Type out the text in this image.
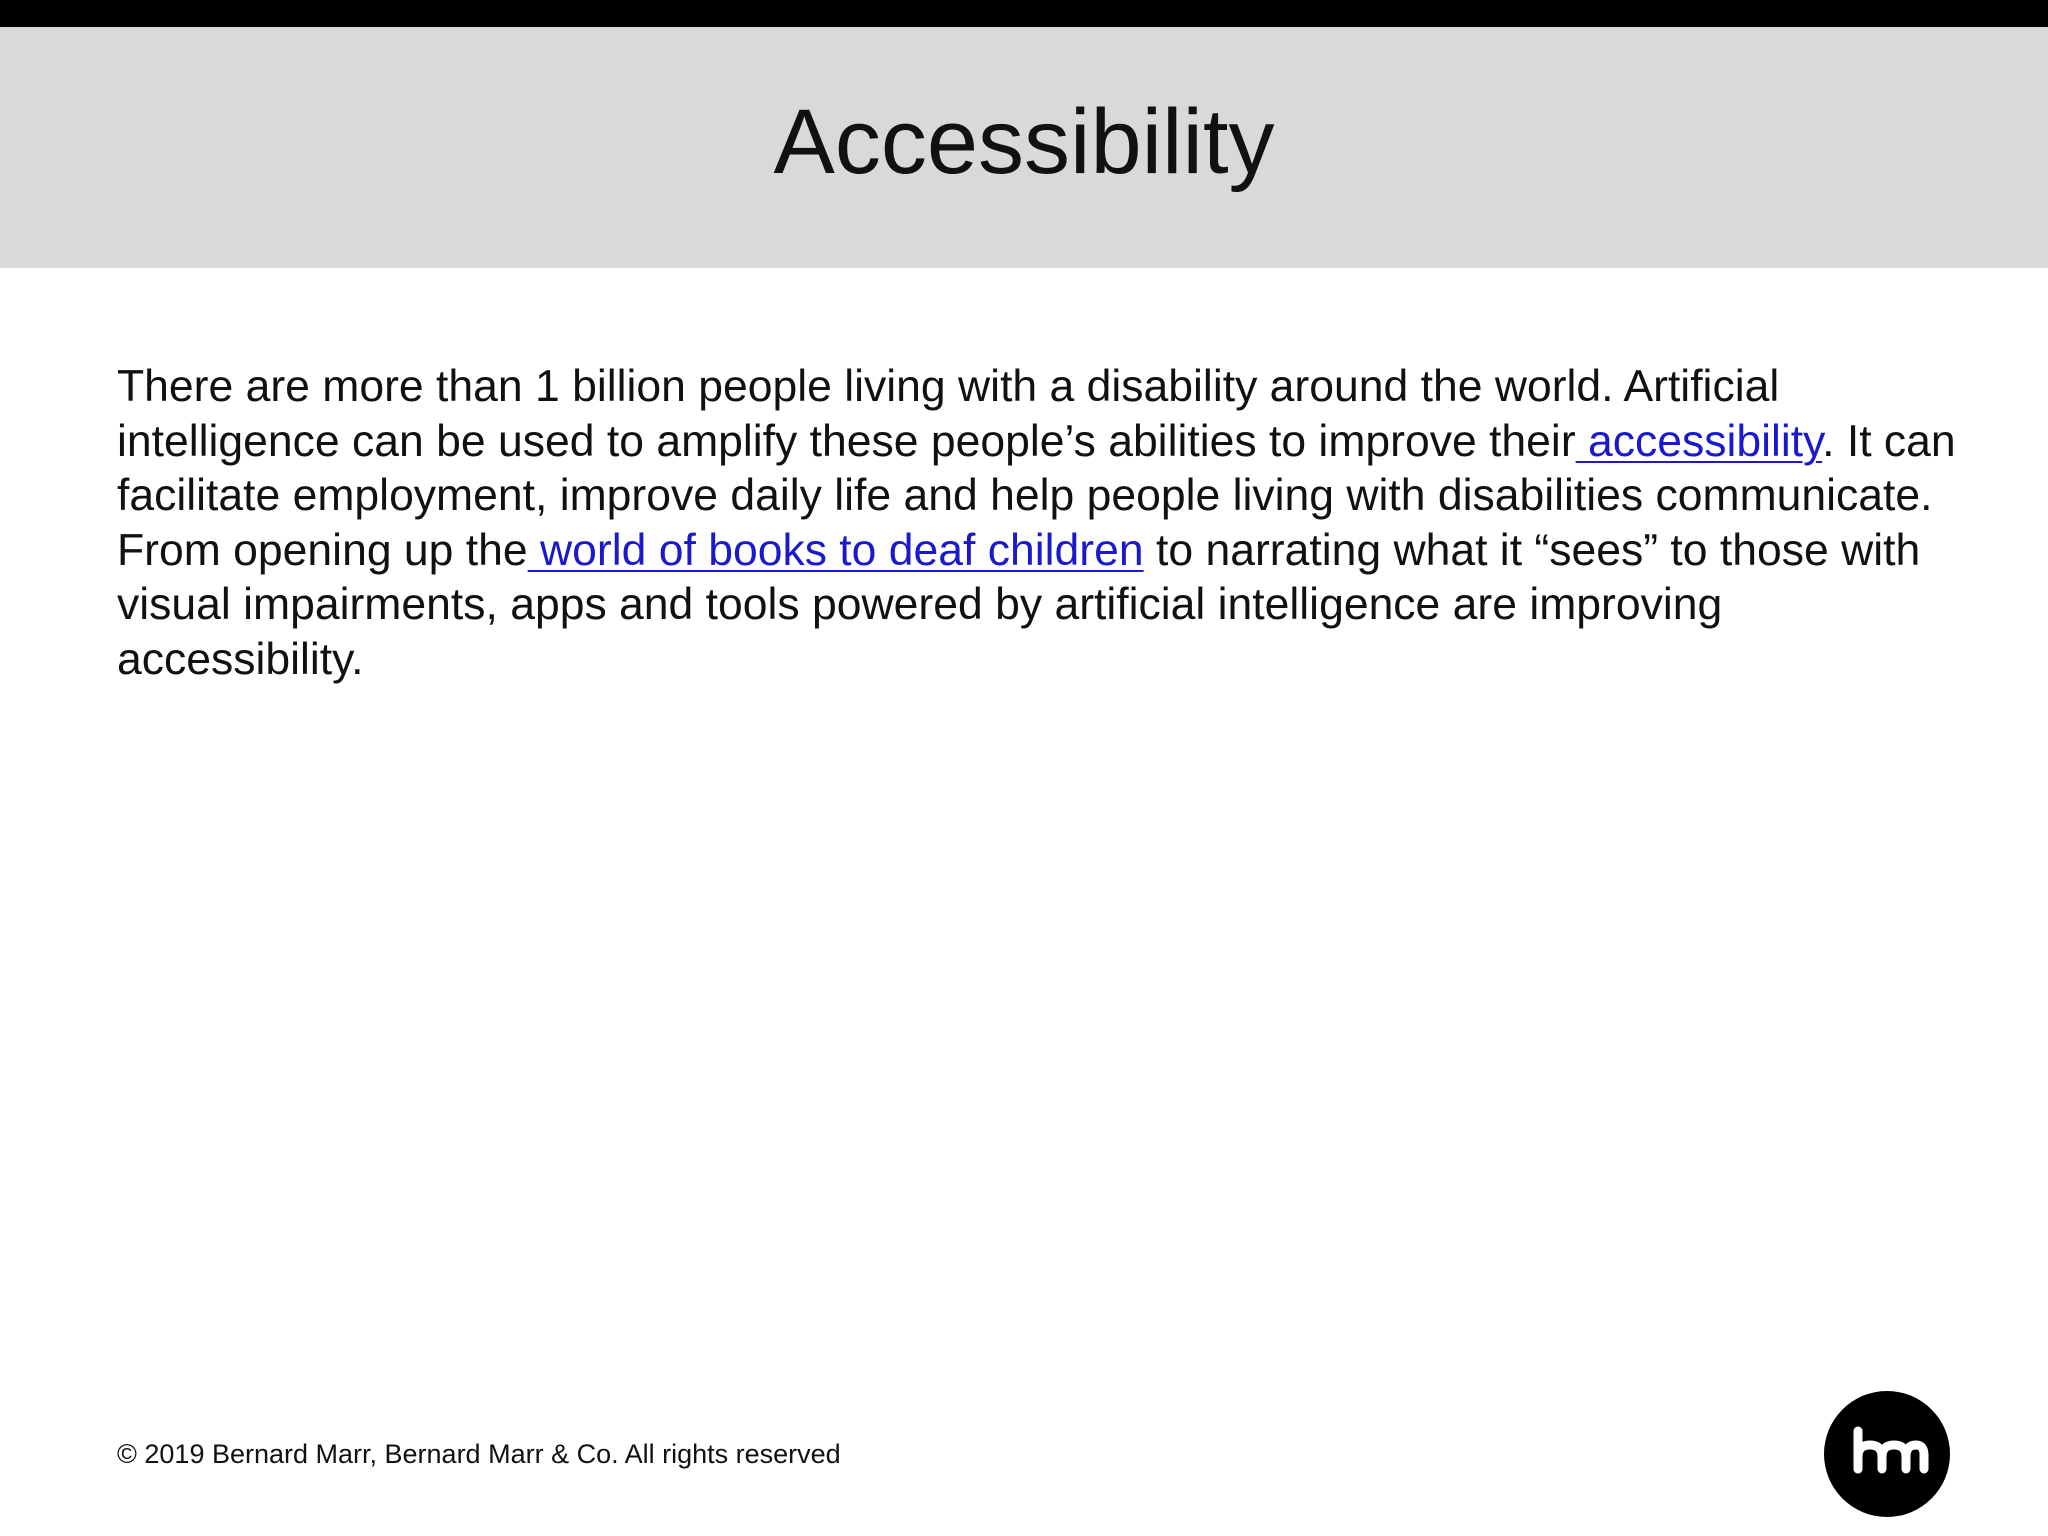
Accessibility

There are more than 1 billion people living with a disability around the world. Artificial intelligence can be used to amplify these people’s abilities to improve their accessibility. It can facilitate employment, improve daily life and help people living with disabilities communicate. From opening up the world of books to deaf children to narrating what it “sees” to those with visual impairments, apps and tools powered by artificial intelligence are improving accessibility.

© 2019 Bernard Marr, Bernard Marr & Co. All rights reserved
